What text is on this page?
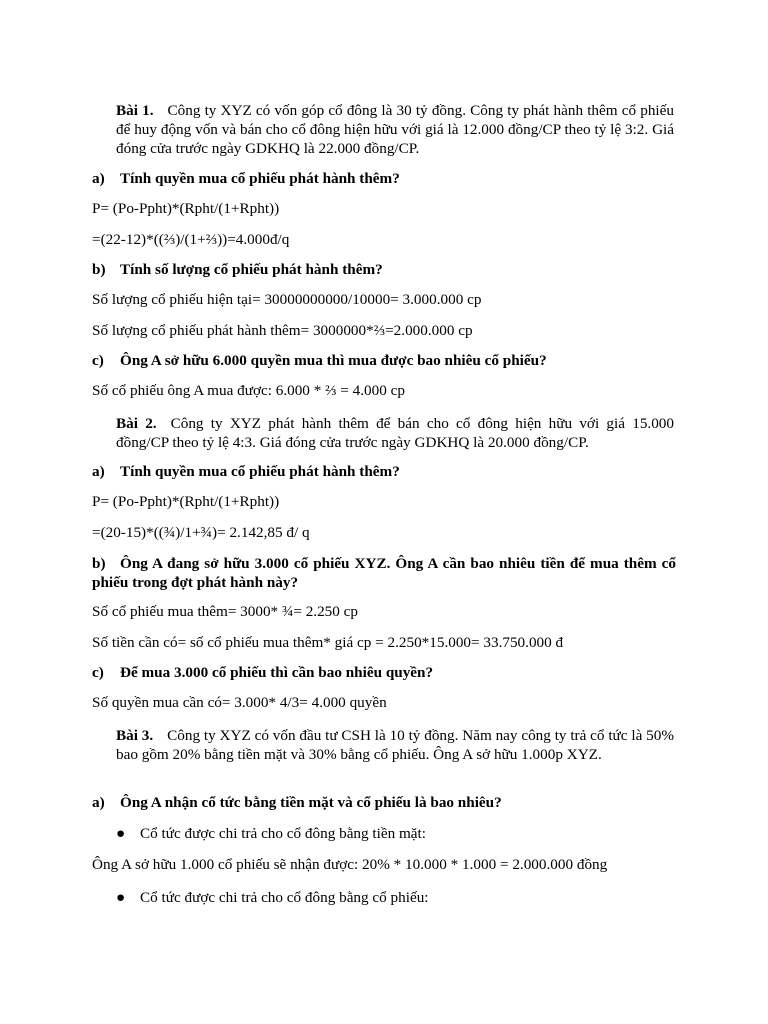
Bài 1. Công ty XYZ có vốn góp cổ đông là 30 tỷ đồng. Công ty phát hành thêm cổ phiếu để huy động vốn và bán cho cổ đông hiện hữu với giá là 12.000 đồng/CP theo tỷ lệ 3:2. Giá đóng cửa trước ngày GDKHQ là 22.000 đồng/CP.
a) Tính quyền mua cổ phiếu phát hành thêm?
P= (Po-Ppht)*(Rpht/(1+Rpht))
=(22-12)*((⅔)/(1+⅔))=4.000đ/q
b) Tính số lượng cổ phiếu phát hành thêm?
Số lượng cổ phiếu hiện tại= 30000000000/10000= 3.000.000 cp
Số lượng cổ phiếu phát hành thêm= 3000000*⅔=2.000.000 cp
c) Ông A sở hữu 6.000 quyền mua thì mua được bao nhiêu cổ phiếu?
Số cổ phiếu ông A mua được: 6.000 * ⅔ = 4.000 cp
Bài 2. Công ty XYZ phát hành thêm để bán cho cổ đông hiện hữu với giá 15.000 đồng/CP theo tỷ lệ 4:3. Giá đóng cửa trước ngày GDKHQ là 20.000 đồng/CP.
a) Tính quyền mua cổ phiếu phát hành thêm?
P= (Po-Ppht)*(Rpht/(1+Rpht))
=(20-15)*((¾)/1+¾)= 2.142,85 đ/ q
b) Ông A đang sở hữu 3.000 cổ phiếu XYZ. Ông A cần bao nhiêu tiền để mua thêm cổ phiếu trong đợt phát hành này?
Số cổ phiếu mua thêm= 3000* ¾= 2.250 cp
Số tiền cần có= số cổ phiếu mua thêm* giá cp = 2.250*15.000= 33.750.000 đ
c) Để mua 3.000 cổ phiếu thì cần bao nhiêu quyền?
Số quyền mua cần có= 3.000* 4/3= 4.000 quyền
Bài 3. Công ty XYZ có vốn đầu tư CSH là 10 tỷ đồng. Năm nay công ty trả cổ tức là 50% bao gồm 20% bằng tiền mặt và 30% bằng cổ phiếu. Ông A sở hữu 1.000p XYZ.
a) Ông A nhận cổ tức bằng tiền mặt và cổ phiếu là bao nhiêu?
● Cổ tức được chi trả cho cổ đông bằng tiền mặt:
Ông A sở hữu 1.000 cổ phiếu sẽ nhận được: 20% * 10.000 * 1.000 = 2.000.000 đồng
● Cổ tức được chi trả cho cổ đông bằng cổ phiếu:
